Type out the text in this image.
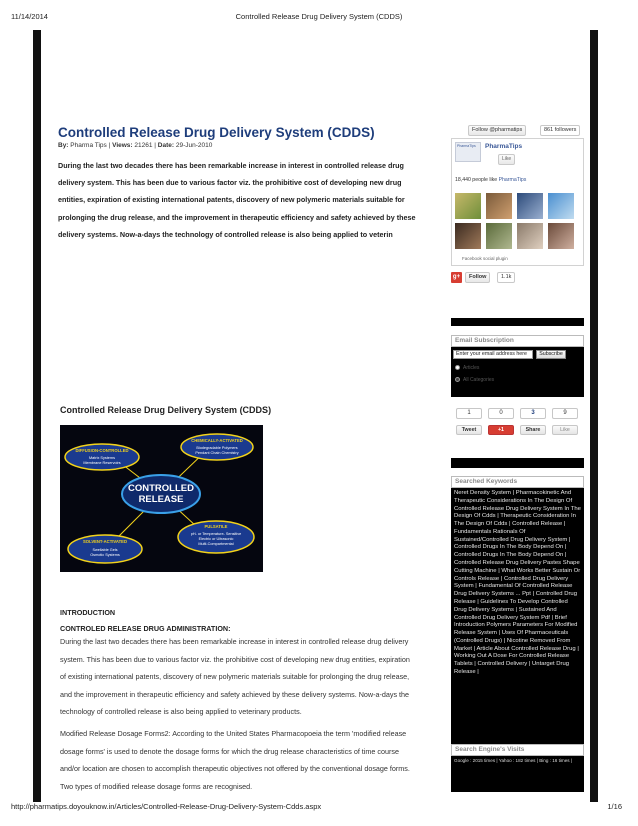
11/14/2014	Controlled Release Drug Delivery System (CDDS)
Controlled Release Drug Delivery System (CDDS)
By: Pharma Tips | Views: 21261 | Date: 29-Jun-2010
During the last two decades there has been remarkable increase in interest in controlled release drug
delivery system. This has been due to various factor viz. the prohibitive cost of developing new drug
entities, expiration of existing international patents, discovery of new polymeric materials suitable for
prolonging the drug release, and the improvement in therapeutic efficiency and safety achieved by these
delivery systems. Now-a-days the technology of controlled release is also being applied to veterin
Controlled Release Drug Delivery System (CDDS)
DIFFUSION-CONTROLLED
Matrix Systems
Membrane Reservoirs
CHEMICALLY-ACTIVATED
Biodegradable Polymers
Pendant Chain Chemistry
CONTROLLED
RELEASE
PULSATILE
pH- or Temperature- Sensitive
Electric or Ultrasonic
Multi-Compartmental
SOLVENT-ACTIVATED
Swellable Gels
Osmotic Systems
INTRODUCTION
CONTROLED RELEASE DRUG ADMINISTRATION:
During the last two decades there has been remarkable increase in interest in controlled release drug delivery
system. This has been due to various factor viz. the prohibitive cost of developing new drug entities, expiration
of existing international patents, discovery of new polymeric materials suitable for prolonging the drug release,
and the improvement in therapeutic efficiency and safety achieved by these delivery systems. Now-a-days the
technology of controlled release is also being applied to veterinary products.
Modified Release Dosage Forms2: According to the United States Pharmacopoeia the term 'modified release
dosage forms' is used to denote the dosage forms for which the drug release characteristics of time course
and/or location are chosen to accomplish therapeutic objectives not offered by the conventional dosage forms.
Two types of modified release dosage forms are recognised.
Follow @pharmatips	861 followers
PharmaTips PharmaTips
Like
18,440 people like PharmaTips
Facebook social plugin
g+	Follow	1.1k
Email Subscription
Enter your email address here	Subscribe
Articles
All Categories
1	0	3	9
Tweet	+1	Share	Like
Searched Keywords
Neret Density System | Pharmacokinetic And Therapeutic Considerations In The Design Of Controlled Release Drug Delivery System In The Design Of Cdds | Therapeutic Consideration In The Design Of Cdds | Controlled Release | Fundamentals Rationals Of Sustained/Controlled Drug Delivery System | Controlled Drugs In The Body Depend On | Controlled Drugs In The Body Depend On | Controlled Release Drug Delivery Pastes Shape Cutting Machine | What Works Better Sustain Or Controls Release | Controlled Drug Delivery System | Fundamental Of Controlled Release Drug Delivery Systems ... Ppt | Controlled Drug Release | Guidelines To Develop Controlled Drug Delivery Systems | Sustained And Controlled Drug Delivery System Pdf | Brief Introduction Polymers Parameters For Modified Release System | Uses Of Pharmaceuticals (Controlled Drugs) | Nicotine Removed From Market | Article About Controlled Release Drug | Working Out A Dose For Controlled Release Tablets | Controlled Delivery | Untarget Drug Release |
Search Engine's Visits
Google : 2015 times | Yahoo : 182 times | Bing : 16 times |
http://pharmatips.doyouknow.in/Articles/Controlled-Release-Drug-Delivery-System-Cdds.aspx	1/16
